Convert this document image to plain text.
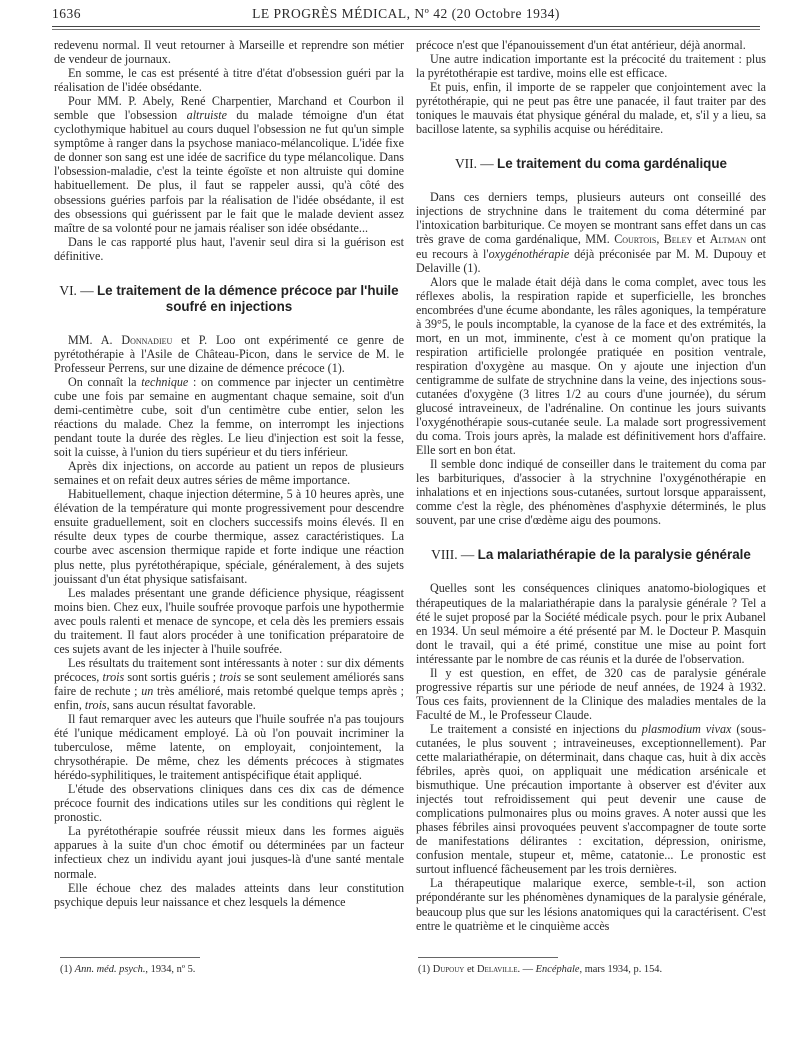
1636	LE PROGRÈS MÉDICAL, Nº 42 (20 Octobre 1934)

redevenu normal. Il veut retourner à Marseille et reprendre son métier de vendeur de journaux.

En somme, le cas est présenté à titre d'état d'obsession guéri par la réalisation de l'idée obsédante.

Pour MM. P. Abely, René Charpentier, Marchand et Courbon il semble que l'obsession altruiste du malade témoigne d'un état cyclothymique habituel au cours duquel l'obsession ne fut qu'un simple symptôme à ranger dans la psychose maniaco-mélancolique. L'idée fixe de donner son sang est une idée de sacrifice du type mélancolique. Dans l'obsession-maladie, c'est la teinte égoïste et non altruiste qui domine habituellement. De plus, il faut se rappeler aussi, qu'à côté des obsessions guéries parfois par la réalisation de l'idée obsédante, il est des obsessions qui guérissent par le fait que le malade devient assez maître de sa volonté pour ne jamais réaliser son idée obsédante...

Dans le cas rapporté plus haut, l'avenir seul dira si la guérison est définitive.

VI. — Le traitement de la démence précoce par l'huile soufré en injections

MM. A. Donnadieu et P. Loo ont expérimenté ce genre de pyrétothérapie à l'Asile de Château-Picon, dans le service de M. le Professeur Perrens, sur une dizaine de démence précoce (1).

On connaît la technique : on commence par injecter un centimètre cube une fois par semaine en augmentant chaque semaine, soit d'un demi-centimètre cube, soit d'un centimètre cube entier, selon les réactions du malade. Chez la femme, on interrompt les injections pendant toute la durée des règles. Le lieu d'injection est soit la fesse, soit la cuisse, à l'union du tiers supérieur et du tiers inférieur.

Après dix injections, on accorde au patient un repos de plusieurs semaines et on refait deux autres séries de même importance.

Habituellement, chaque injection détermine, 5 à 10 heures après, une élévation de la température qui monte progressivement pour descendre ensuite graduellement, soit en clochers successifs moins élevés. Il en résulte deux types de courbe thermique, assez caractéristiques. La courbe avec ascension thermique rapide et forte indique une réaction plus nette, plus pyrétothérapique, spéciale, généralement, à des sujets jouissant d'un état physique satisfaisant.

Les malades présentant une grande déficience physique, réagissent moins bien. Chez eux, l'huile soufrée provoque parfois une hypothermie avec pouls ralenti et menace de syncope, et cela dès les premiers essais du traitement. Il faut alors procéder à une tonification préparatoire de ces sujets avant de les injecter à l'huile soufrée.

Les résultats du traitement sont intéressants à noter : sur dix déments précoces, trois sont sortis guéris ; trois se sont seulement améliorés sans faire de rechute ; un très amélioré, mais retombé quelque temps après ; enfin, trois, sans aucun résultat favorable.

Il faut remarquer avec les auteurs que l'huile soufrée n'a pas toujours été l'unique médicament employé. Là où l'on pouvait incriminer la tuberculose, même latente, on employait, conjointement, la chrysothérapie. De même, chez les déments précoces à stigmates hérédo-syphilitiques, le traitement antispécifique était appliqué.

L'étude des observations cliniques dans ces dix cas de démence précoce fournit des indications utiles sur les conditions qui règlent le pronostic.

La pyrétothérapie soufrée réussit mieux dans les formes aiguës apparues à la suite d'un choc émotif ou déterminées par un facteur infectieux chez un individu ayant joui jusques-là d'une santé mentale normale.

Elle échoue chez des malades atteints dans leur constitution psychique depuis leur naissance et chez lesquels la démence

précoce n'est que l'épanouissement d'un état antérieur, déjà anormal.

Une autre indication importante est la précocité du traitement : plus la pyrétothérapie est tardive, moins elle est efficace.

Et puis, enfin, il importe de se rappeler que conjointement avec la pyrétothérapie, qui ne peut pas être une panacée, il faut traiter par des toniques le mauvais état physique général du malade, et, s'il y a lieu, sa bacillose latente, sa syphilis acquise ou héréditaire.

VII. — Le traitement du coma gardénalique

Dans ces derniers temps, plusieurs auteurs ont conseillé des injections de strychnine dans le traitement du coma déterminé par l'intoxication barbiturique. Ce moyen se montrant sans effet dans un cas très grave de coma gardénalique, MM. Courtois, Beley et Altman ont eu recours à l'oxygénothérapie déjà préconisée par M. M. Dupouy et Delaville (1).

Alors que le malade était déjà dans le coma complet, avec tous les réflexes abolis, la respiration rapide et superficielle, les bronches encombrées d'une écume abondante, les râles agoniques, la température à 39°5, le pouls incomptable, la cyanose de la face et des extrémités, la mort, en un mot, imminente, c'est à ce moment qu'on pratique la respiration artificielle prolongée pratiquée en position ventrale, respiration d'oxygène au masque. On y ajoute une injection d'un centigramme de sulfate de strychnine dans la veine, des injections sous-cutanées d'oxygène (3 litres 1/2 au cours d'une journée), du sérum glucosé intraveineux, de l'adrénaline. On continue les jours suivants l'oxygénothérapie sous-cutanée seule. La malade sort progressivement du coma. Trois jours après, la malade est définitivement hors d'affaire. Elle sort en bon état.

Il semble donc indiqué de conseiller dans le traitement du coma par les barbituriques, d'associer à la strychnine l'oxygénothérapie en inhalations et en injections sous-cutanées, surtout lorsque apparaissent, comme c'est la règle, des phénomènes d'asphyxie déterminés, le plus souvent, par une crise d'œdème aigu des poumons.

VIII. — La malariathérapie de la paralysie générale

Quelles sont les conséquences cliniques anatomo-biologiques et thérapeutiques de la malariathérapie dans la paralysie générale ? Tel a été le sujet proposé par la Société médicale psych. pour le prix Aubanel en 1934. Un seul mémoire a été présenté par M. le Docteur P. Masquin dont le travail, qui a été primé, constitue une mise au point fort intéressante par le nombre de cas réunis et la durée de l'observation.

Il y est question, en effet, de 320 cas de paralysie générale progressive répartis sur une période de neuf années, de 1924 à 1932. Tous ces faits, proviennent de la Clinique des maladies mentales de la Faculté de M., le Professeur Claude.

Le traitement a consisté en injections du plasmodium vivax (sous-cutanées, le plus souvent ; intraveineuses, exceptionnellement). Par cette malariathérapie, on déterminait, dans chaque cas, huit à dix accès fébriles, après quoi, on appliquait une médication arsénicale et bismuthique. Une précaution importante à observer est d'éviter aux injectés tout refroidissement qui peut devenir une cause de complications pulmonaires plus ou moins graves. A noter aussi que les phases fébriles ainsi provoquées peuvent s'accompagner de toute sorte de manifestations délirantes : excitation, dépression, onirisme, confusion mentale, stupeur et, même, catatonie... Le pronostic est surtout influencé fâcheusement par les trois dernières.

La thérapeutique malarique exerce, semble-t-il, son action prépondérante sur les phénomènes dynamiques de la paralysie générale, beaucoup plus que sur les lésions anatomiques qui la caractérisent. C'est entre le quatrième et le cinquième accès

(1) Ann. méd. psych., 1934, nº 5.	(1) Dupouy et Delaville. — Encéphale, mars 1934, p. 154.
